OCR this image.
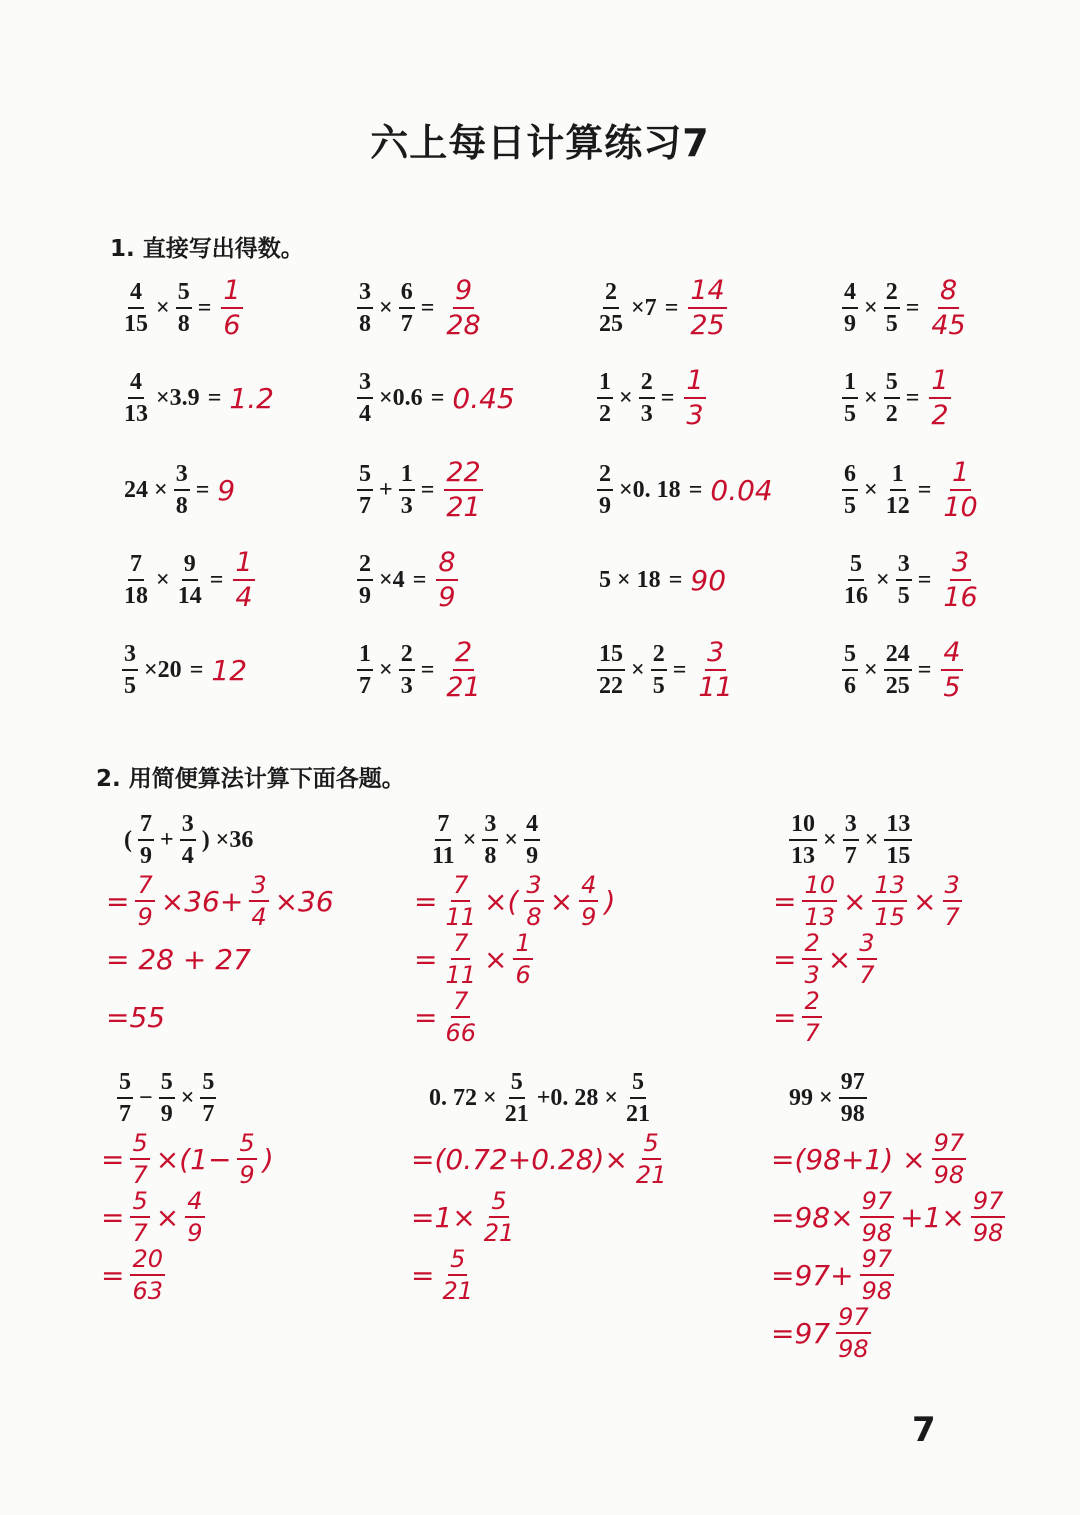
六上每日计算练习7
1. 直接写出得数。
$\frac{4}{15} \times \frac{5}{8} = \frac{1}{6}$	$\frac{3}{8} \times \frac{6}{7} = \frac{9}{28}$	$\frac{2}{25} \times 7 = \frac{14}{25}$	$\frac{4}{9} \times \frac{2}{5} = \frac{8}{45}$
$\frac{4}{13} \times 3.9 = 1.2$	$\frac{3}{4} \times 0.6 = 0.45$	$\frac{1}{2} \times \frac{2}{3} = \frac{1}{3}$	$\frac{1}{5} \times \frac{5}{2} = \frac{1}{2}$
$24 \times \frac{3}{8} = 9$	$\frac{5}{7} + \frac{1}{3} = \frac{22}{21}$	$\frac{2}{9} \times 0$. 18 = 0.04	$\frac{6}{5} \times \frac{1}{12} = \frac{1}{10}$
$\frac{7}{18} \times \frac{9}{14} = \frac{1}{4}$	$\frac{2}{9} \times 4 = \frac{8}{9}$	5 × 18 = 90	$\frac{5}{16} \times \frac{3}{5} = \frac{3}{16}$
$\frac{3}{5} \times 20 = 12$	$\frac{1}{7} \times \frac{2}{3} = \frac{2}{21}$	$\frac{15}{22} \times \frac{2}{5} = \frac{3}{11}$	$\frac{5}{6} \times \frac{24}{25} = \frac{4}{5}$
2. 用简便算法计算下面各题。
( $\frac{7}{9} + \frac{3}{4}$ ) ×36
= $\frac{7}{9} \times 36+ \frac{3}{4} \times 36$
= 28 + 27
=55
$\frac{7}{11} \times \frac{3}{8} \times \frac{4}{9}$
= $\frac{7}{11}$ ×( $\frac{3}{8} \times \frac{4}{9}$ )
= $\frac{7}{11} \times \frac{1}{6}$
= $\frac{7}{66}$
$\frac{10}{13} \times \frac{3}{7} \times \frac{13}{15}$
= $\frac{10}{13} \times \frac{13}{15} \times \frac{3}{7}$
= $\frac{2}{3} \times \frac{3}{7}$
= $\frac{2}{7}$
$\frac{5}{7} - \frac{5}{9} \times \frac{5}{7}$
= $\frac{5}{7} \times(1- \frac{5}{9}$ )
= $\frac{5}{7} \times \frac{4}{9}$
= $\frac{20}{63}$
0. $72 \times \frac{5}{21} +0$. $28 \times \frac{5}{21}$
$=(0.72+0.28)\times \frac{5}{21}$
$=1\times \frac{5}{21}$
= $\frac{5}{21}$
$99 \times \frac{97}{98}$
$=(98+1) \times \frac{97}{98}$
$=98\times \frac{97}{98} +1\times \frac{97}{98}$
$=97+ \frac{97}{98}$
$=97 \frac{97}{98}$
7
